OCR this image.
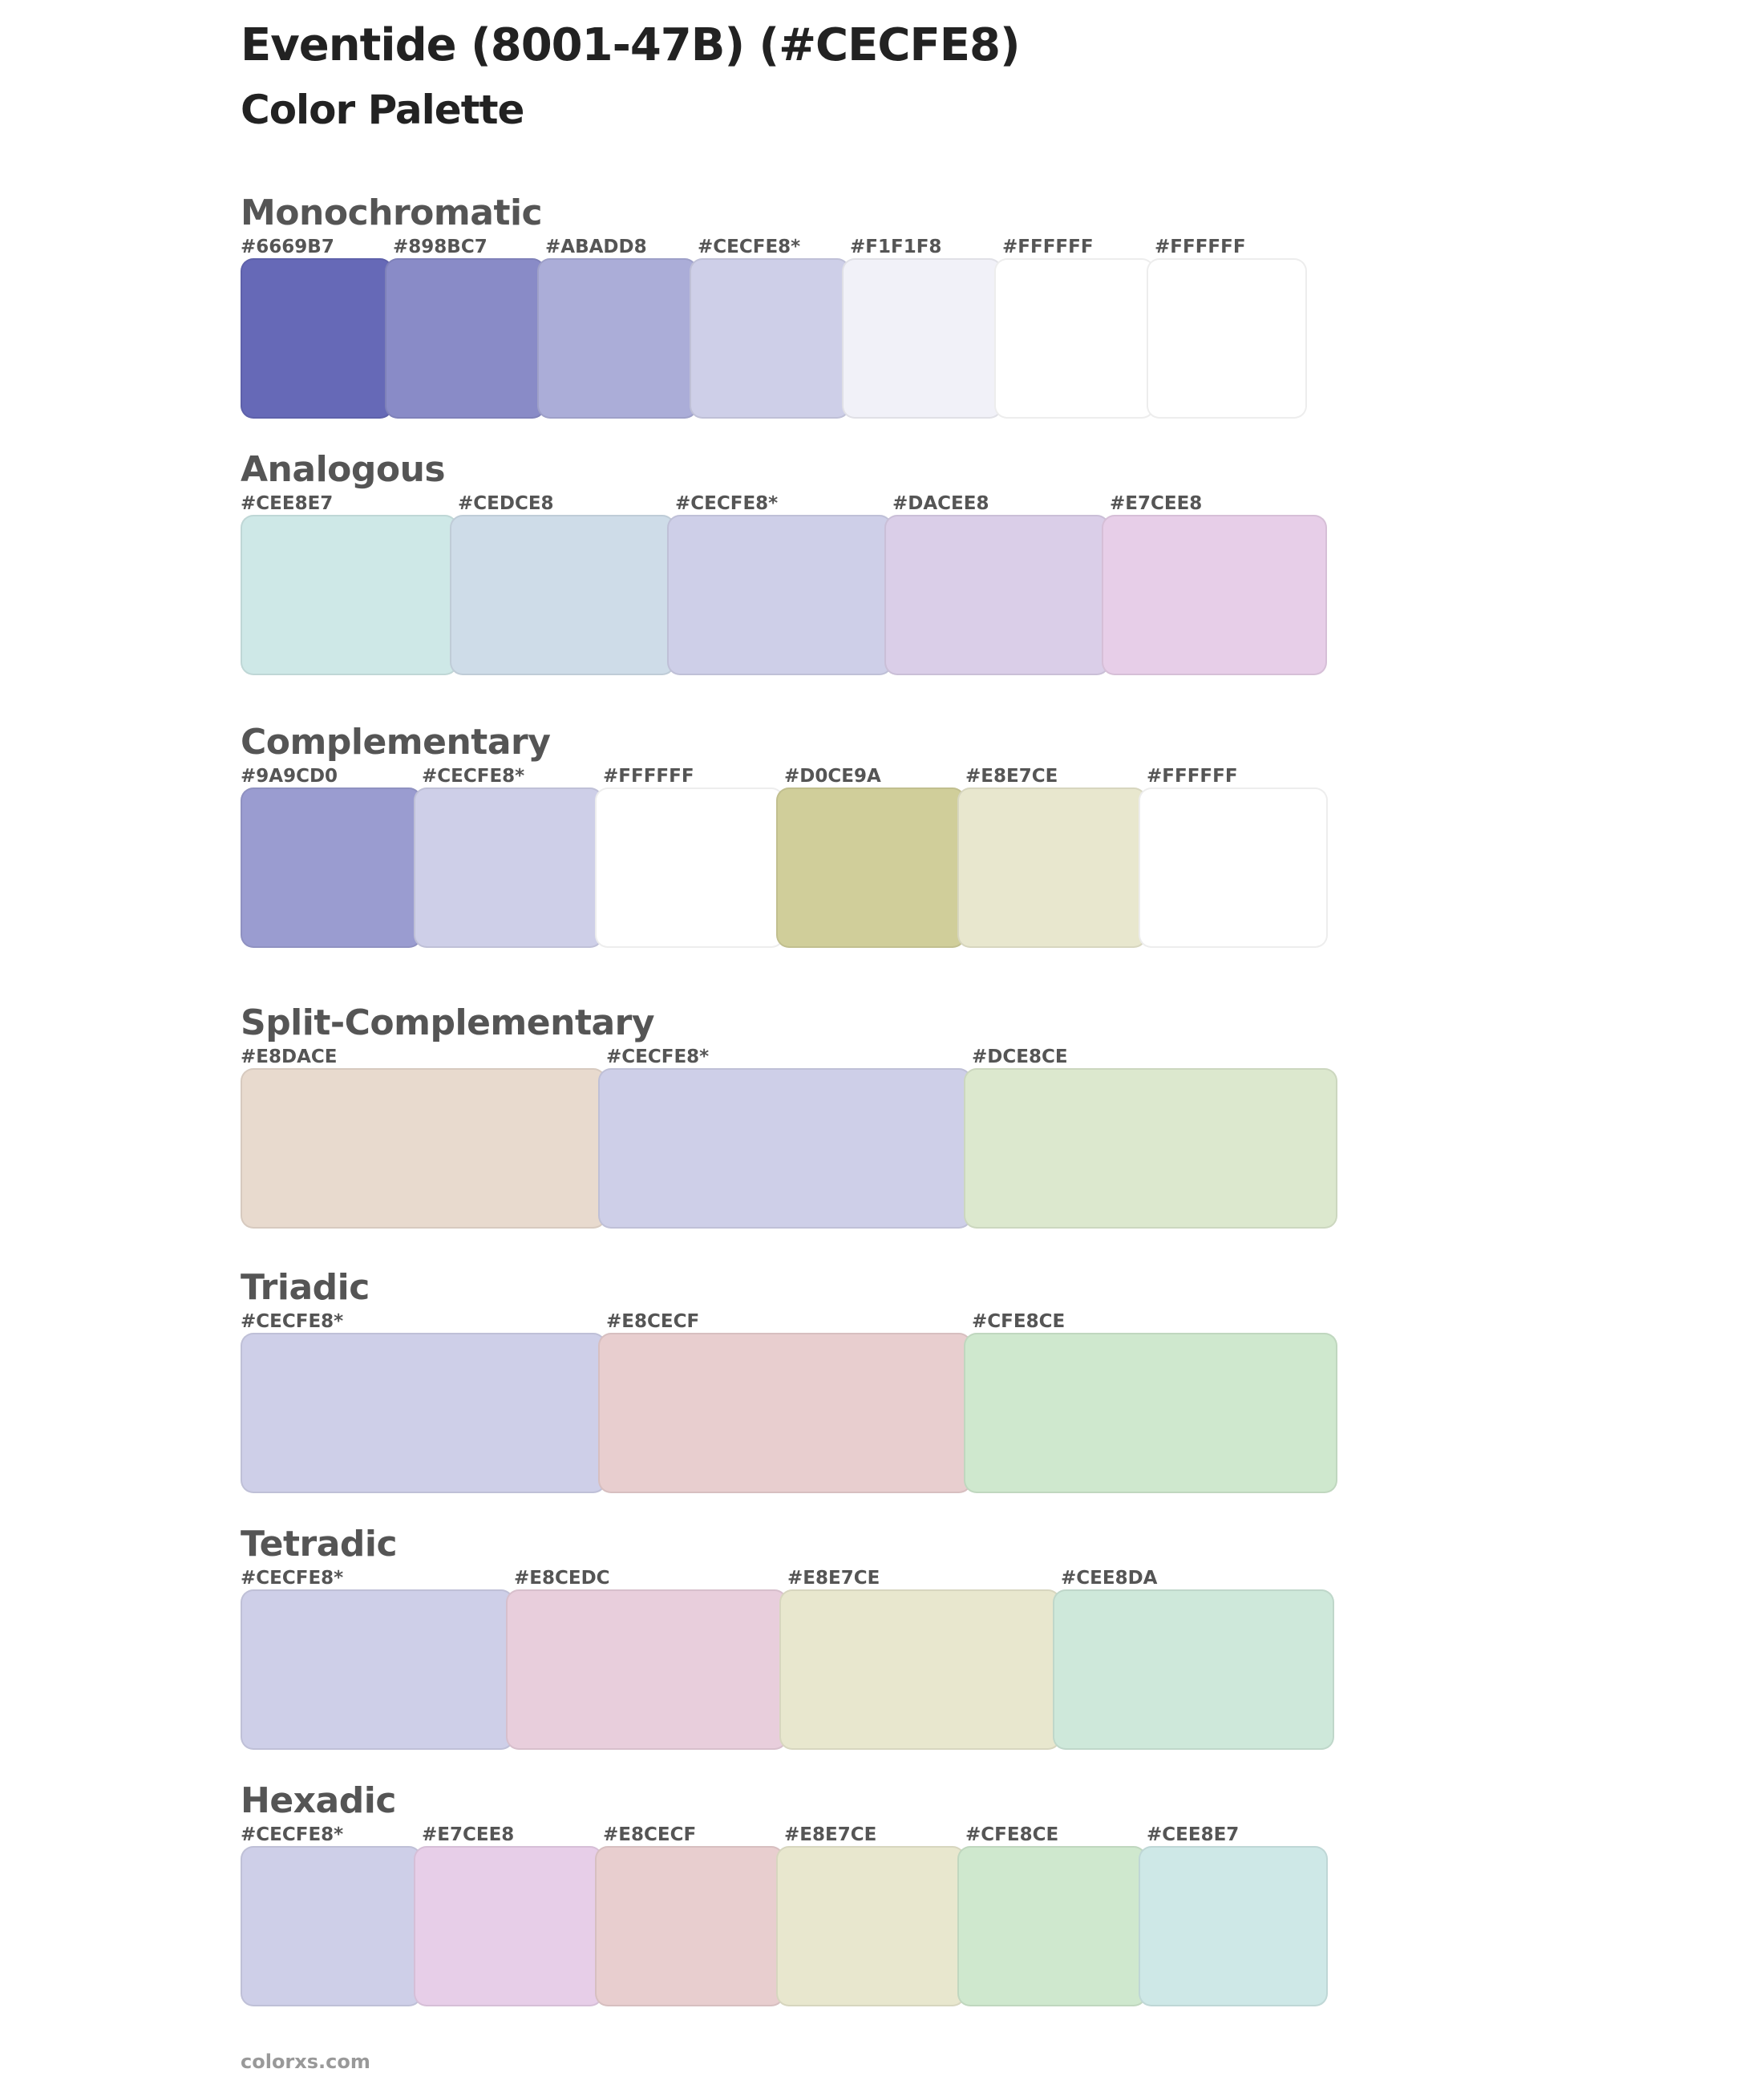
Eventide (8001-47B) (#CECFE8)
Color Palette
Monochromatic
#6669B7	#898BC7	#ABADD8	#CECFE8*	#F1F1F8	#FFFFFF	#FFFFFF
Analogous
#CEE8E7	#CEDCE8	#CECFE8*	#DACEE8	#E7CEE8
Complementary
#9A9CD0	#CECFE8*	#FFFFFF	#D0CE9A	#E8E7CE	#FFFFFF
Split-Complementary
#E8DACE	#CECFE8*	#DCE8CE
Triadic
#CECFE8*	#E8CECF	#CFE8CE
Tetradic
#CECFE8*	#E8CEDC	#E8E7CE	#CEE8DA
Hexadic
#CECFE8*	#E7CEE8	#E8CECF	#E8E7CE	#CFE8CE	#CEE8E7
colorxs.com
